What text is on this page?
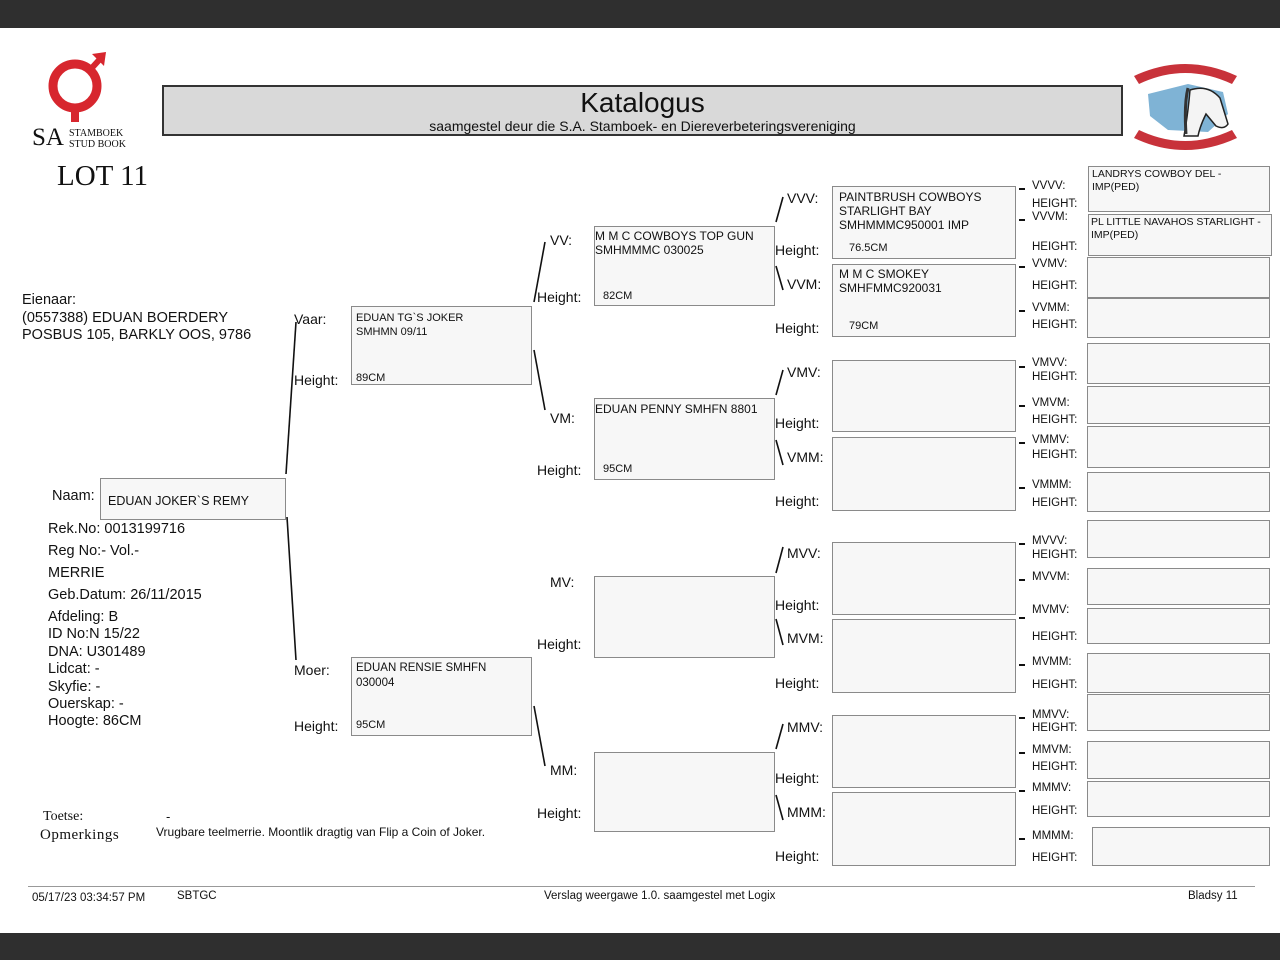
SA STAMBOEK
STUD BOOK
Katalogus
saamgestel deur die S.A. Stamboek- en Diereverbeteringsvereniging
LOT 11
Eienaar:
(0557388) EDUAN BOERDERY
POSBUS 105, BARKLY OOS, 9786
Naam: EDUAN JOKER`S REMY
Rek.No: 0013199716
Reg No:- Vol.-
MERRIE
Geb.Datum: 26/11/2015
Afdeling: B
ID No:N 15/22
DNA: U301489
Lidcat: -
Skyfie: -
Ouerskap: -
Hoogte: 86CM
Vaar:
Height:
EDUAN TG`S JOKER
SMHMN 09/11
89CM
Moer:
Height:
EDUAN RENSIE SMHFN
030004
95CM
VV:
Height:
M M C COWBOYS TOP GUN
SMHMMMC 030025
82CM
VM:
Height:
EDUAN PENNY SMHFN 8801
95CM
MV:
Height:
MM:
Height:
VVV:
Height:
PAINTBRUSH COWBOYS
STARLIGHT BAY
SMHMMMC950001 IMP
76.5CM
VVM:
Height:
M M C SMOKEY
SMHFMMC920031
79CM
VMV:
Height:
VMM:
Height:
MVV:
Height:
MVM:
Height:
MMV:
Height:
MMM:
Height:
VVVV:
HEIGHT:
VVVM:
HEIGHT:
VVMV:
HEIGHT:
VVMM:
HEIGHT:
VMVV:
HEIGHT:
VMVM:
HEIGHT:
VMMV:
HEIGHT:
VMMM:
HEIGHT:
MVVV:
HEIGHT:
MVVM:
MVMV:
HEIGHT:
MVMM:
HEIGHT:
MMVV:
HEIGHT:
MMVM:
HEIGHT:
MMMV:
HEIGHT:
MMMM:
HEIGHT:
LANDRYS COWBOY DEL - IMP(PED)
PL LITTLE NAVAHOS STARLIGHT - IMP(PED)
Toetse:	-
Opmerkings	Vrugbare teelmerrie. Moontlik dragtig van Flip a Coin of Joker.
05/17/23 03:34:57 PM	SBTGC	Verslag weergawe 1.0. saamgestel met Logix	Bladsy 11
